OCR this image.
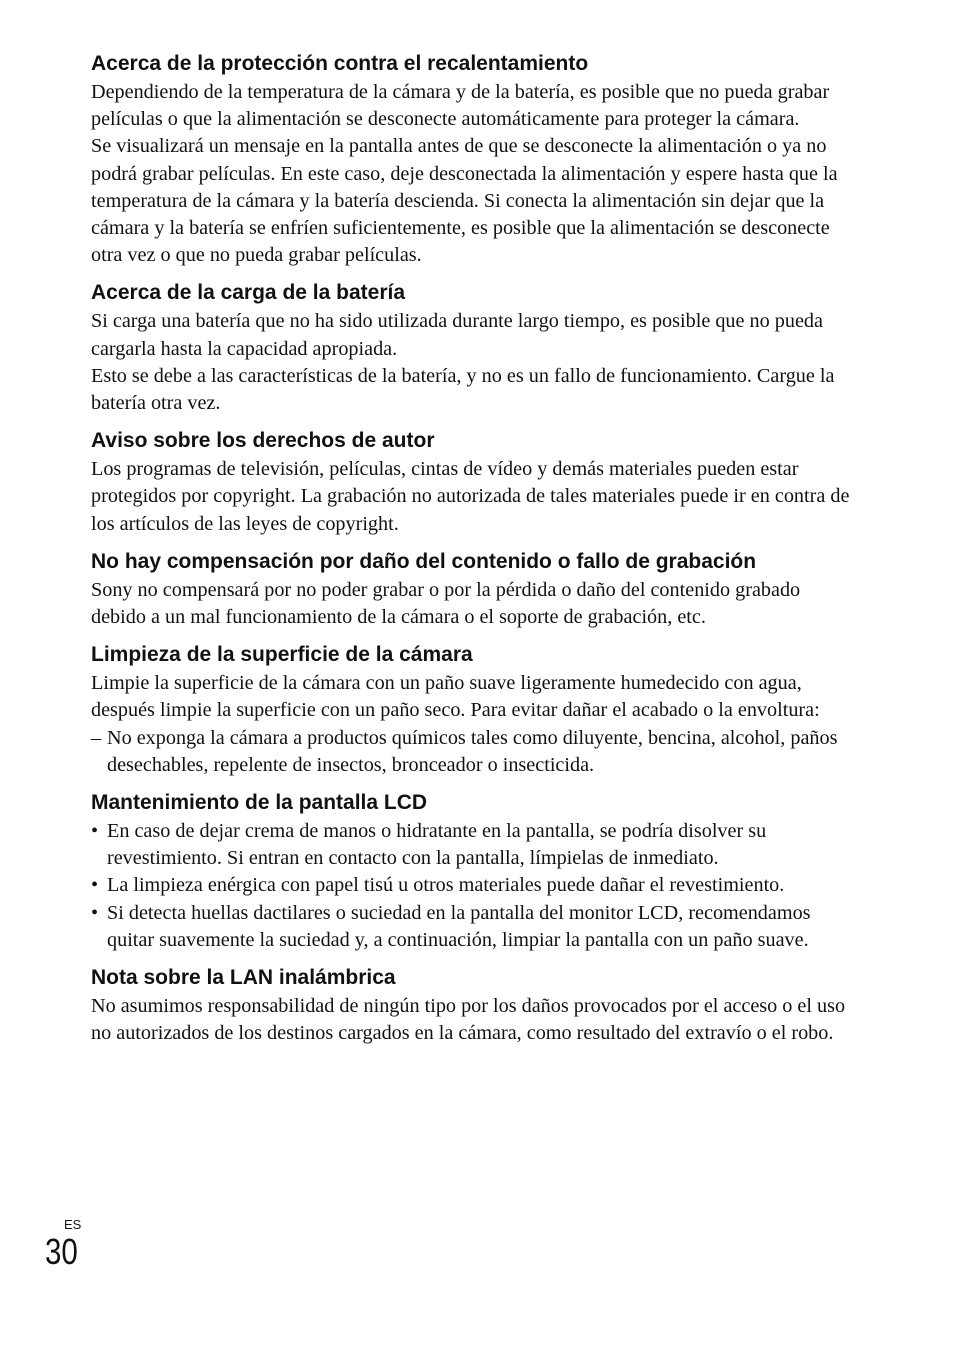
Acerca de la protección contra el recalentamiento

Dependiendo de la temperatura de la cámara y de la batería, es posible que no pueda grabar películas o que la alimentación se desconecte automáticamente para proteger la cámara.

Se visualizará un mensaje en la pantalla antes de que se desconecte la alimentación o ya no podrá grabar películas. En este caso, deje desconectada la alimentación y espere hasta que la temperatura de la cámara y la batería descienda. Si conecta la alimentación sin dejar que la cámara y la batería se enfríen suficientemente, es posible que la alimentación se desconecte otra vez o que no pueda grabar películas.

Acerca de la carga de la batería

Si carga una batería que no ha sido utilizada durante largo tiempo, es posible que no pueda cargarla hasta la capacidad apropiada.

Esto se debe a las características de la batería, y no es un fallo de funcionamiento. Cargue la batería otra vez.

Aviso sobre los derechos de autor

Los programas de televisión, películas, cintas de vídeo y demás materiales pueden estar protegidos por copyright. La grabación no autorizada de tales materiales puede ir en contra de los artículos de las leyes de copyright.

No hay compensación por daño del contenido o fallo de grabación

Sony no compensará por no poder grabar o por la pérdida o daño del contenido grabado debido a un mal funcionamiento de la cámara o el soporte de grabación, etc.

Limpieza de la superficie de la cámara

Limpie la superficie de la cámara con un paño suave ligeramente humedecido con agua, después limpie la superficie con un paño seco. Para evitar dañar el acabado o la envoltura:

– No exponga la cámara a productos químicos tales como diluyente, bencina, alcohol, paños desechables, repelente de insectos, bronceador o insecticida.
Mantenimiento de la pantalla LCD
• En caso de dejar crema de manos o hidratante en la pantalla, se podría disolver su revestimiento. Si entran en contacto con la pantalla, límpielas de inmediato.
• La limpieza enérgica con papel tisú u otros materiales puede dañar el revestimiento.
• Si detecta huellas dactilares o suciedad en la pantalla del monitor LCD, recomendamos quitar suavemente la suciedad y, a continuación, limpiar la pantalla con un paño suave.
Nota sobre la LAN inalámbrica

No asumimos responsabilidad de ningún tipo por los daños provocados por el acceso o el uso no autorizados de los destinos cargados en la cámara, como resultado del extravío o el robo.

ES
30
